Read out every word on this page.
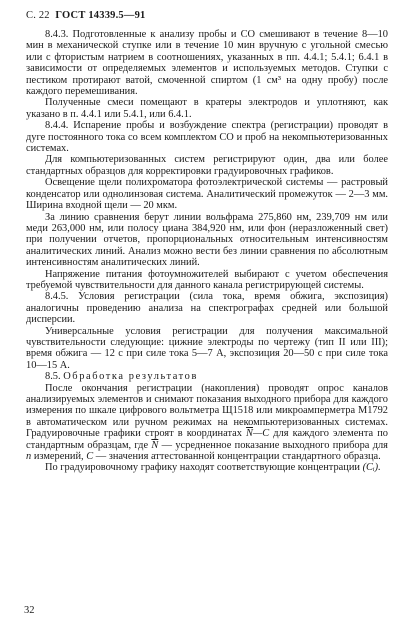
С. 22 ГОСТ 14339.5—91

8.4.3. Подготовленные к анализу пробы и СО смешивают в течение 8—10 мин в механической ступке или в течение 10 мин вручную с угольной смесью или с фтористым натрием в соотношениях, указанных в пп. 4.4.1; 5.4.1; 6.4.1 в зависимости от определяемых элементов и используемых методов. Ступки с пестиком протирают ватой, смоченной спиртом (1 см³ на одну пробу) после каждого перемешивания.

Полученные смеси помещают в кратеры электродов и уплотняют, как указано в п. 4.4.1 или 5.4.1, или 6.4.1.

8.4.4. Испарение пробы и возбуждение спектра (регистрации) проводят в дуге постоянного тока со всем комплектом СО и проб на некомпьютеризованных системах.

Для компьютеризованных систем регистрируют один, два или более стандартных образцов для корректировки градуировочных графиков.

Освещение щели полихроматора фотоэлектрической системы — растровый конденсатор или однолинзовая система. Аналитический промежуток — 2—3 мм. Ширина входной щели — 20 мкм.

За линию сравнения берут линии вольфрама 275,860 нм, 239,709 нм или меди 263,000 нм, или полосу циана 384,920 нм, или фон (неразложенный свет) при получении отчетов, пропорциональных относительным интенсивностям аналитических линий. Анализ можно вести без линии сравнения по абсолютным интенсивностям аналитических линий.

Напряжение питания фотоумножителей выбирают с учетом обеспечения требуемой чувствительности для данного канала регистрирующей системы.

8.4.5. Условия регистрации (сила тока, время обжига, экспозиция) аналогичны проведению анализа на спектрографах средней или большой дисперсии.

Универсальные условия регистрации для получения максимальной чувствительности следующие: цижние электроды по чертежу (тип II или III); время обжига — 12 с при силе тока 5—7 А, экспозиция 20—50 с при силе тока 10—15 А.

8.5. Обработка результатов

После окончания регистрации (накопления) проводят опрос каналов анализируемых элементов и снимают показания выходного прибора для каждого измерения по шкале цифрового вольтметра Щ1518 или микроамперметра М1792 в автоматическом или ручном режимах на некомпьютеризованных системах. Градуировочные графики строят в координатах $\overline{N}—C$ для каждого элемента по стандартным образцам, где $\overline{N}$ — усредненное показание выходного прибора для n измерений, C — значения аттестованной концентрации стандартного образца.

По градуировочному графику находят соответствующие концентрации (Cᵢ).

32
